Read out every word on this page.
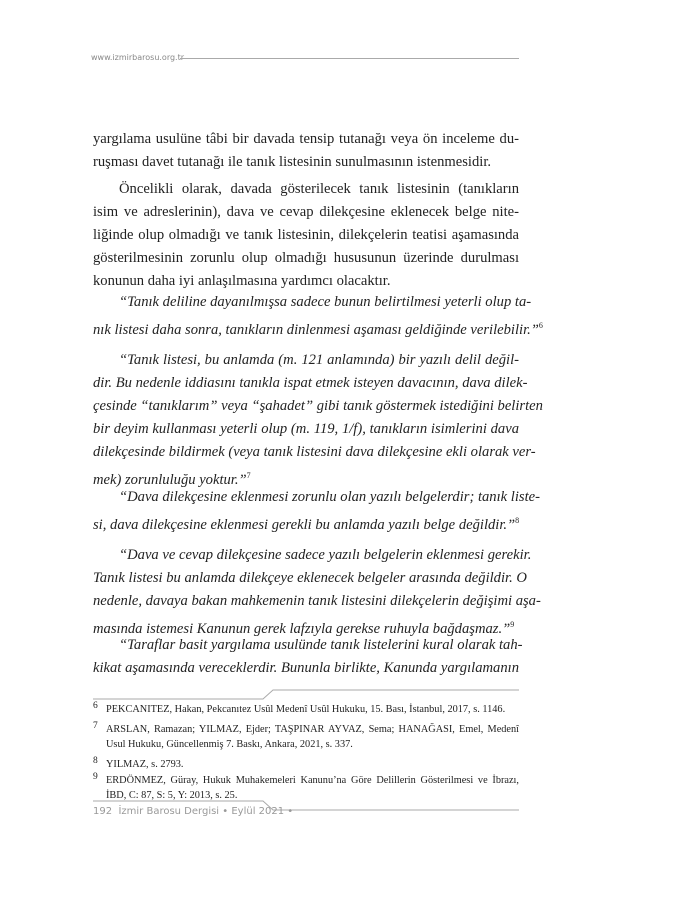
www.izmirbarosu.org.tr
yargılama usulüne tâbi bir davada tensip tutanağı veya ön inceleme du-
ruşması davet tutanağı ile tanık listesinin sunulmasının istenmesidir.
Öncelikli olarak, davada gösterilecek tanık listesinin (tanıkların
isim ve adreslerinin), dava ve cevap dilekçesine eklenecek belge nite-
liğinde olup olmadığı ve tanık listesinin, dilekçelerin teatisi aşamasında
gösterilmesinin zorunlu olup olmadığı hususunun üzerinde durulması
konunun daha iyi anlaşılmasına yardımcı olacaktır.
“Tanık deliline dayanılmışsa sadece bunun belirtilmesi yeterli olup ta-
nık listesi daha sonra, tanıkların dinlenmesi aşaması geldiğinde verilebilir.”$^6$
“Tanık listesi, bu anlamda (m. 121 anlamında) bir yazılı delil değil-
dir. Bu nedenle iddiasını tanıkla ispat etmek isteyen davacının, dava dilek-
çesinde “tanıklarım” veya “şahadet” gibi tanık göstermek istediğini belirten
bir deyim kullanması yeterli olup (m. 119, 1/f), tanıkların isimlerini dava
dilekçesinde bildirmek (veya tanık listesini dava dilekçesine ekli olarak ver-
mek) zorunluluğu yoktur.”$^7$
“Dava dilekçesine eklenmesi zorunlu olan yazılı belgelerdir; tanık liste-
si, dava dilekçesine eklenmesi gerekli bu anlamda yazılı belge değildir.”$^8$
“Dava ve cevap dilekçesine sadece yazılı belgelerin eklenmesi gerekir.
Tanık listesi bu anlamda dilekçeye eklenecek belgeler arasında değildir. O
nedenle, davaya bakan mahkemenin tanık listesini dilekçelerin değişimi aşa-
masında istemesi Kanunun gerek lafzıyla gerekse ruhuyla bağdaşmaz.”$^9$
“Taraflar basit yargılama usulünde tanık listelerini kural olarak tah-
kikat aşamasında vereceklerdir. Bununla birlikte, Kanunda yargılamanın
6 PEKCANITEZ, Hakan, Pekcanıtez Usûl Medenî Usûl Hukuku, 15. Bası, İstanbul, 2017, s. 1146.
7 ARSLAN, Ramazan; YILMAZ, Ejder; TAŞPINAR AYVAZ, Sema; HANAĞASI, Emel, Medenî Usul Hukuku, Güncellenmiş 7. Baskı, Ankara, 2021, s. 337.
8 YILMAZ, s. 2793.
9 ERDÖNMEZ, Güray, Hukuk Muhakemeleri Kanunu’na Göre Delillerin Gösterilmesi ve İbrazı, İBD, C: 87, S: 5, Y: 2013, s. 25.
192 İzmir Barosu Dergisi • Eylül 2021 •
